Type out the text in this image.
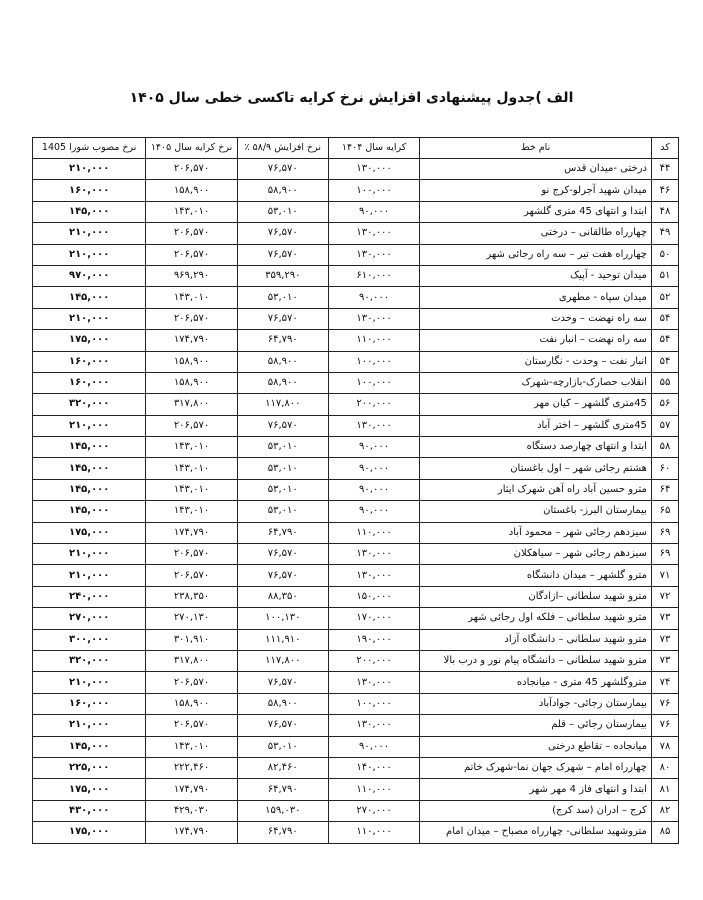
الف )جدول پیشنهادی افزایش نرخ کرایه تاکسی خطی سال ۱۴۰۵
کد	نام خط	کرایه سال ۱۴۰۴	نرخ افزایش ۵۸/۹ ٪	نرخ کرایه سال ۱۴۰۵	نرخ مصوب شورا 1405
۴۴	درختی -میدان قدس	۱۳۰,۰۰۰	۷۶,۵۷۰	۲۰۶,۵۷۰	۲۱۰,۰۰۰
۴۶	میدان شهید آجرلو-کرج نو	۱۰۰,۰۰۰	۵۸,۹۰۰	۱۵۸,۹۰۰	۱۶۰,۰۰۰
۴۸	ابتدا و انتهای 45 متری گلشهر	۹۰,۰۰۰	۵۳,۰۱۰	۱۴۳,۰۱۰	۱۴۵,۰۰۰
۴۹	چهارراه طالقانی – درختی	۱۳۰,۰۰۰	۷۶,۵۷۰	۲۰۶,۵۷۰	۲۱۰,۰۰۰
۵۰	چهارراه هفت تیر – سه راه رجائی شهر	۱۳۰,۰۰۰	۷۶,۵۷۰	۲۰۶,۵۷۰	۲۱۰,۰۰۰
۵۱	میدان توحید - آپیک	۶۱۰,۰۰۰	۳۵۹,۲۹۰	۹۶۹,۲۹۰	۹۷۰,۰۰۰
۵۲	میدان سپاه - مطهری	۹۰,۰۰۰	۵۳,۰۱۰	۱۴۳,۰۱۰	۱۴۵,۰۰۰
۵۴	سه راه نهضت – وحدت	۱۳۰,۰۰۰	۷۶,۵۷۰	۲۰۶,۵۷۰	۲۱۰,۰۰۰
۵۴	سه راه نهضت – انبار نفت	۱۱۰,۰۰۰	۶۴,۷۹۰	۱۷۴,۷۹۰	۱۷۵,۰۰۰
۵۴	انبار نفت – وحدت - نگارستان	۱۰۰,۰۰۰	۵۸,۹۰۰	۱۵۸,۹۰۰	۱۶۰,۰۰۰
۵۵	انقلاب حصارک-بازارچه-شهرک	۱۰۰,۰۰۰	۵۸,۹۰۰	۱۵۸,۹۰۰	۱۶۰,۰۰۰
۵۶	45متری گلشهر – کیان مهر	۲۰۰,۰۰۰	۱۱۷,۸۰۰	۳۱۷,۸۰۰	۳۲۰,۰۰۰
۵۷	45متری گلشهر – اختر آباد	۱۳۰,۰۰۰	۷۶,۵۷۰	۲۰۶,۵۷۰	۲۱۰,۰۰۰
۵۸	ابتدا و انتهای چهارصد دستگاه	۹۰,۰۰۰	۵۳,۰۱۰	۱۴۳,۰۱۰	۱۴۵,۰۰۰
۶۰	هشتم رجائی شهر – اول باغستان	۹۰,۰۰۰	۵۳,۰۱۰	۱۴۳,۰۱۰	۱۴۵,۰۰۰
۶۴	مترو حسین آباد راه آهن شهرک ایثار	۹۰,۰۰۰	۵۳,۰۱۰	۱۴۳,۰۱۰	۱۴۵,۰۰۰
۶۵	بیمارستان البرز- باغستان	۹۰,۰۰۰	۵۳,۰۱۰	۱۴۳,۰۱۰	۱۴۵,۰۰۰
۶۹	سیزدهم رجائی شهر – محمود آباد	۱۱۰,۰۰۰	۶۴,۷۹۰	۱۷۴,۷۹۰	۱۷۵,۰۰۰
۶۹	سیزدهم رجائی شهر – سیاهکلان	۱۳۰,۰۰۰	۷۶,۵۷۰	۲۰۶,۵۷۰	۲۱۰,۰۰۰
۷۱	مترو گلشهر – میدان دانشگاه	۱۳۰,۰۰۰	۷۶,۵۷۰	۲۰۶,۵۷۰	۲۱۰,۰۰۰
۷۲	مترو شهید سلطانی –ازادگان	۱۵۰,۰۰۰	۸۸,۳۵۰	۲۳۸,۳۵۰	۲۴۰,۰۰۰
۷۳	مترو شهید سلطانی – فلکه اول رجائی شهر	۱۷۰,۰۰۰	۱۰۰,۱۳۰	۲۷۰,۱۳۰	۲۷۰,۰۰۰
۷۳	مترو شهید سلطانی – دانشگاه آزاد	۱۹۰,۰۰۰	۱۱۱,۹۱۰	۳۰۱,۹۱۰	۳۰۰,۰۰۰
۷۳	مترو شهید سلطانی – دانشگاه پیام نور و درب بالا	۲۰۰,۰۰۰	۱۱۷,۸۰۰	۳۱۷,۸۰۰	۳۲۰,۰۰۰
۷۴	متروگلشهر 45 متری - میانجاده	۱۳۰,۰۰۰	۷۶,۵۷۰	۲۰۶,۵۷۰	۲۱۰,۰۰۰
۷۶	بیمارستان رجائی- جوادآباد	۱۰۰,۰۰۰	۵۸,۹۰۰	۱۵۸,۹۰۰	۱۶۰,۰۰۰
۷۶	بیمارستان رجائی – قلم	۱۳۰,۰۰۰	۷۶,۵۷۰	۲۰۶,۵۷۰	۲۱۰,۰۰۰
۷۸	میانجاده – تقاطع درختی	۹۰,۰۰۰	۵۳,۰۱۰	۱۴۳,۰۱۰	۱۴۵,۰۰۰
۸۰	چهارراه امام – شهرک جهان نما-شهرک خاتم	۱۴۰,۰۰۰	۸۲,۴۶۰	۲۲۲,۴۶۰	۲۲۵,۰۰۰
۸۱	ابتدا و انتهای فاز 4 مهر شهر	۱۱۰,۰۰۰	۶۴,۷۹۰	۱۷۴,۷۹۰	۱۷۵,۰۰۰
۸۲	کرج – ادران (سد کرج)	۲۷۰,۰۰۰	۱۵۹,۰۳۰	۴۲۹,۰۳۰	۴۳۰,۰۰۰
۸۵	متروشهید سلطانی- چهارراه مصباح – میدان امام	۱۱۰,۰۰۰	۶۴,۷۹۰	۱۷۴,۷۹۰	۱۷۵,۰۰۰
